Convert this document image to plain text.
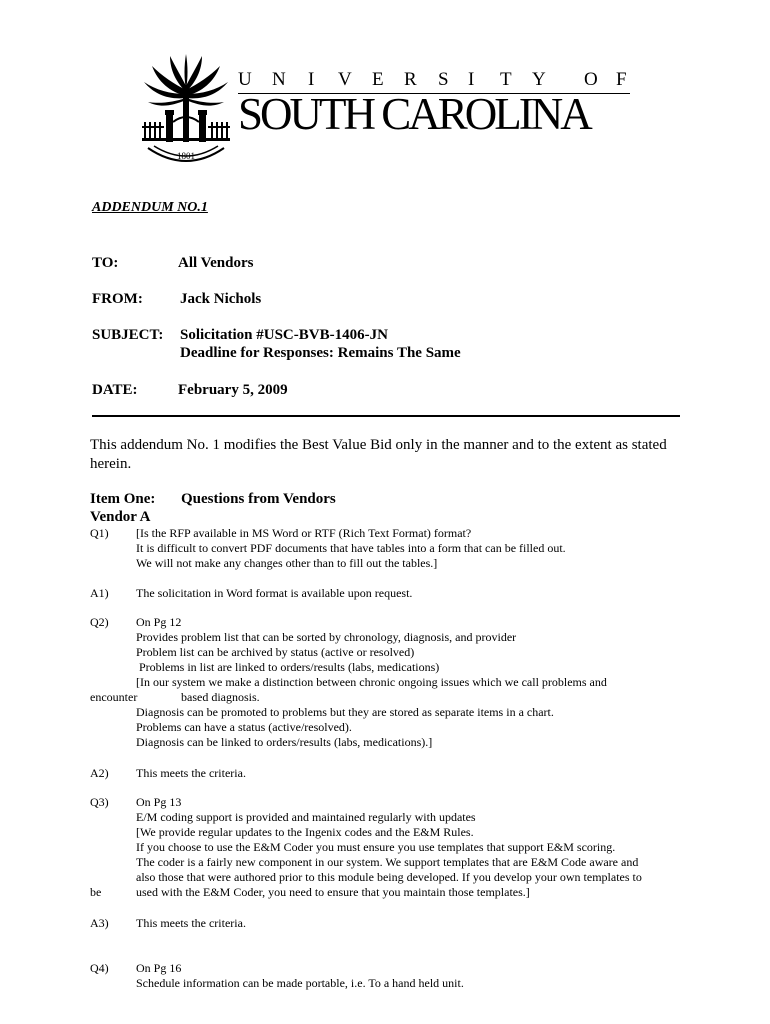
1801
U N I V E R S I T Y O F
SOUTH CAROLINA
ADDENDUM NO.1
TO:	All Vendors
FROM: Jack Nichols
SUBJECT: Solicitation #USC-BVB-1406-JN
Deadline for Responses: Remains The Same
DATE:	February 5, 2009
This addendum No. 1 modifies the Best Value Bid only in the manner and to the extent as stated
herein.
Item One: Questions from Vendors
Vendor A
Q1) [Is the RFP available in MS Word or RTF (Rich Text Format) format?
It is difficult to convert PDF documents that have tables into a form that can be filled out.
We will not make any changes other than to fill out the tables.]
A1) The solicitation in Word format is available upon request.
Q2) On Pg 12
Provides problem list that can be sorted by chronology, diagnosis, and provider
Problem list can be archived by status (active or resolved)
Problems in list are linked to orders/results (labs, medications)
[In our system we make a distinction between chronic ongoing issues which we call problems and
encounter	based diagnosis.
Diagnosis can be promoted to problems but they are stored as separate items in a chart.
Problems can have a status (active/resolved).
Diagnosis can be linked to orders/results (labs, medications).]
A2) This meets the criteria.
Q3) On Pg 13
E/M coding support is provided and maintained regularly with updates
[We provide regular updates to the Ingenix codes and the E&M Rules.
If you choose to use the E&M Coder you must ensure you use templates that support E&M scoring.
The coder is a fairly new component in our system. We support templates that are E&M Code aware and
also those that were authored prior to this module being developed. If you develop your own templates to
be	used with the E&M Coder, you need to ensure that you maintain those templates.]
A3) This meets the criteria.
Q4) On Pg 16
Schedule information can be made portable, i.e. To a hand held unit.
